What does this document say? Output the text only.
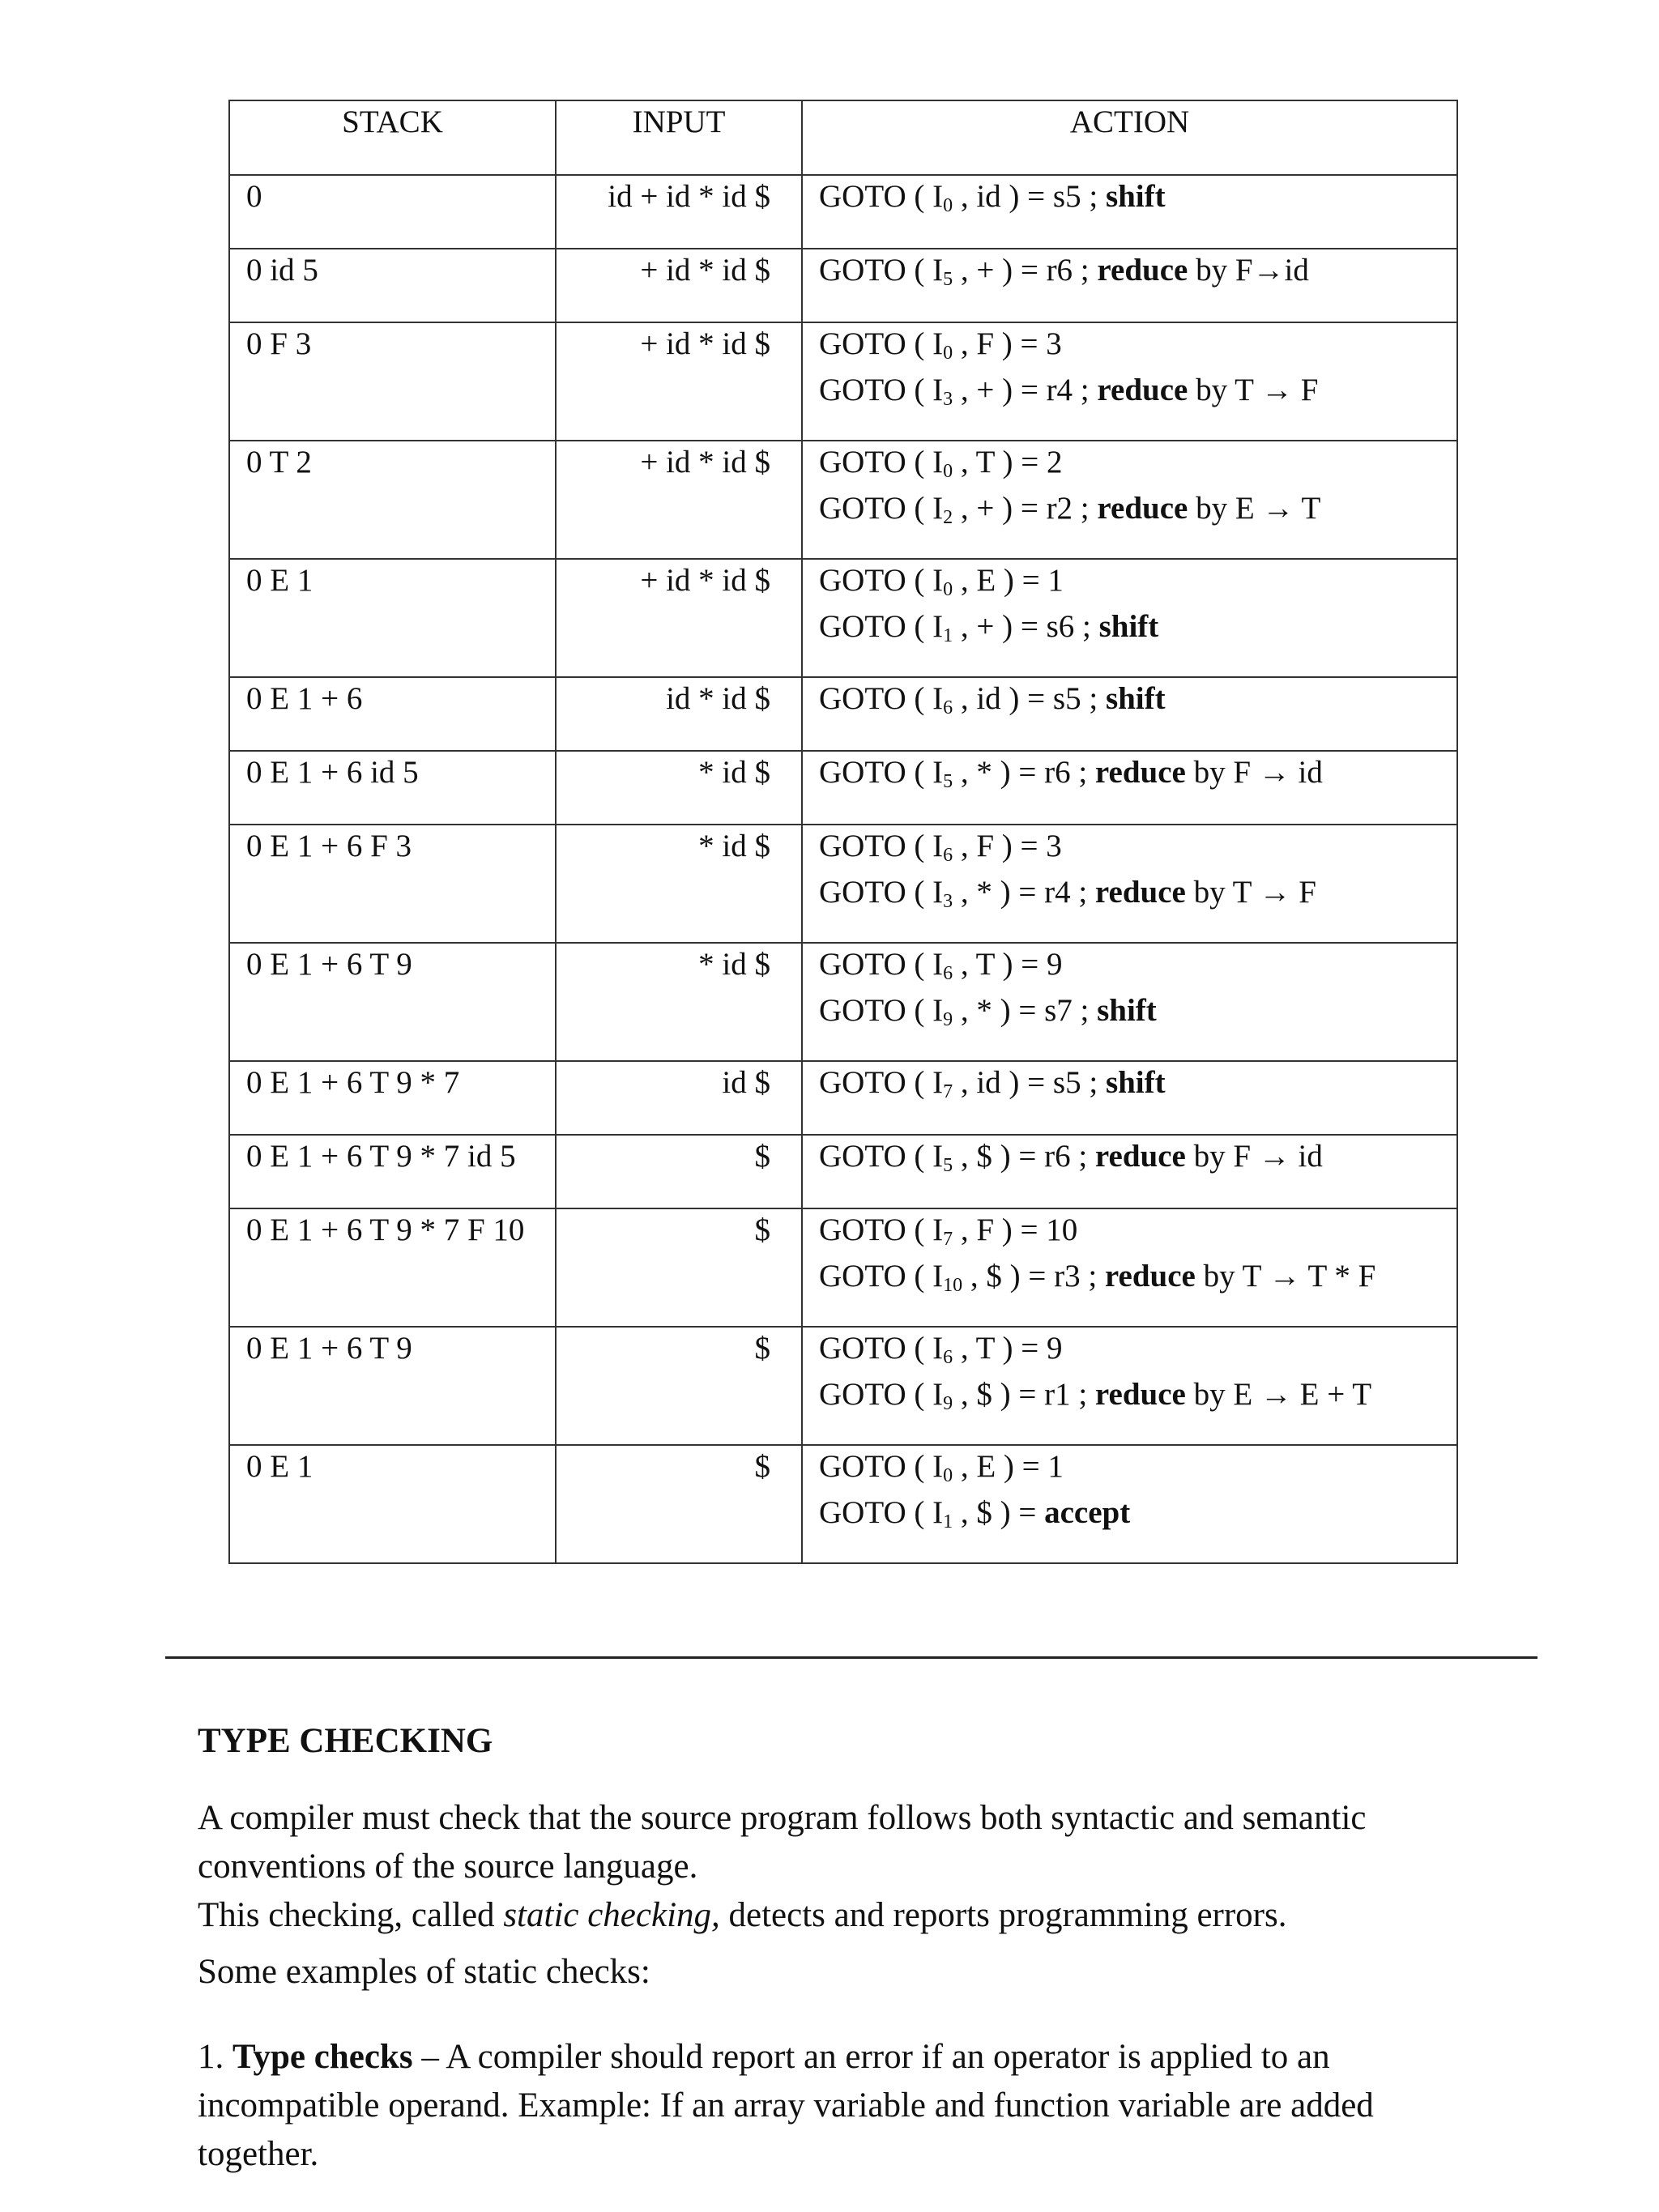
STACK	INPUT	ACTION
0	id + id * id $	GOTO ( $I_0$ , id ) = s5 ; shift

0 id 5	+ id * id $	GOTO ( $I_5$ , + ) = r6 ; reduce by F→id

0 F 3	+ id * id $	GOTO ( $I_0$ , F ) = 3
GOTO ( $I_3$ , + ) = r4 ; reduce by T → F

0 T 2	+ id * id $	GOTO ( $I_0$ , T ) = 2
GOTO ( $I_2$ , + ) = r2 ; reduce by E → T

0 E 1	+ id * id $	GOTO ( $I_0$ , E ) = 1
GOTO ( $I_1$ , + ) = s6 ; shift

0 E 1 + 6	id * id $	GOTO ( $I_6$ , id ) = s5 ; shift

0 E 1 + 6 id 5	* id $	GOTO ( $I_5$ , * ) = r6 ; reduce by F → id

0 E 1 + 6 F 3	* id $	GOTO ( $I_6$ , F ) = 3
GOTO ( $I_3$ , * ) = r4 ; reduce by T → F

0 E 1 + 6 T 9	* id $	GOTO ( $I_6$ , T ) = 9
GOTO ( $I_9$ , * ) = s7 ; shift

0 E 1 + 6 T 9 * 7	id $	GOTO ( $I_7$ , id ) = s5 ; shift

0 E 1 + 6 T 9 * 7 id 5	$	GOTO ( $I_5$ , $ ) = r6 ; reduce by F → id

0 E 1 + 6 T 9 * 7 F 10	$	GOTO ( $I_7$ , F ) = 10
GOTO ( $I_{10}$ , $ ) = r3 ; reduce by T → T * F

0 E 1 + 6 T 9	$	GOTO ( $I_6$ , T ) = 9
GOTO ( $I_9$ , $ ) = r1 ; reduce by E → E + T

0 E 1	$	GOTO ( $I_0$ , E ) = 1
GOTO ( $I_1$ , $ ) = accept
TYPE CHECKING
A compiler must check that the source program follows both syntactic and semantic
conventions of the source language.
This checking, called static checking, detects and reports programming errors.
Some examples of static checks:
1. Type checks – A compiler should report an error if an operator is applied to an
incompatible operand. Example: If an array variable and function variable are added
together.
